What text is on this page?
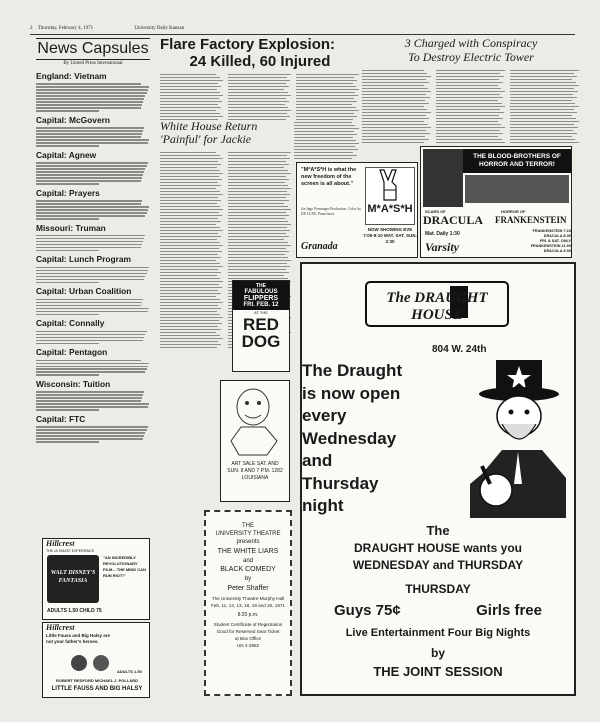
2 Thursday, February 4, 1971	University Daily Kansan
News Capsules
By United Press International
England: Vietnam
Capital: McGovern
Capital: Agnew
Capital: Prayers
Missouri: Truman
Capital: Lunch Program
Capital: Urban Coalition
Capital: Connally
Capital: Pentagon
Wisconsin: Tuition
Capital: FTC
Hillcrest
THE ULTIMATE EXPERIENCE
WALT DISNEY'S FANTASIA
"AN INCREDIBLY REVOLUTIONARY FILM... THE MIND CAN RUN RIOT!"
ADULTS 1.50 CHILD 75
Hillcrest
Little Fauss and Big Halsy are not your father's heroes.
ADULTS 1.50
ROBERT REDFORD MICHAEL J. POLLARD
LITTLE FAUSS AND BIG HALSY
Flare Factory Explosion:
24 Killed, 60 Injured
3 Charged with Conspiracy
To Destroy Electric Tower
White House Return
'Painful' for Jackie
"M*A*S*H is what the new freedom of the screen is all about."
M*A*S*H
An Ingo Preminger Production. Color by DE LUXE. Panavision.
NOW SHOWING EVE 7:00-9:10 MAT. SAT. SUN. 2:30
Granada
THE BLOOD-BROTHERS OF HORROR AND TERROR!
SCARS OF
DRACULA
HORROR OF
FRANKENSTEIN
Mat. Daily 1:30
Varsity
FRANKENSTEIN 7:15
DRACULA 8:30
FRI. & SAT. ONLY
FRANKENSTEIN 11:00
DRACULA 9:00
THE
FABULOUS
FLIPPERS
FRI. FEB. 12
AT THE
RED
DOG
ART SALE SAT. AND SUN. 8 AND 7 P.M. 1282 LOUISIANA
THE
UNIVERSITY THEATRE
presents
THE WHITE LIARS
and
BLACK COMEDY
by
Peter Shaffer
The University Theatre-Murphy Hall
Feb. 11, 12, 13, 18, 19 and 20, 1971
8:20 p.m.
Student Certificate of Registration
Good for Reserved Seat Ticket
at Box Office
UN 4-3982
The DRAUGHT HOUSE
804 W. 24th
The Draught
is now open
every
Wednesday
and
Thursday
night
The
DRAUGHT HOUSE wants you
WEDNESDAY and THURSDAY
THURSDAY
Guys 75¢	Girls free
Live Entertainment Four Big Nights
by
THE JOINT SESSION
